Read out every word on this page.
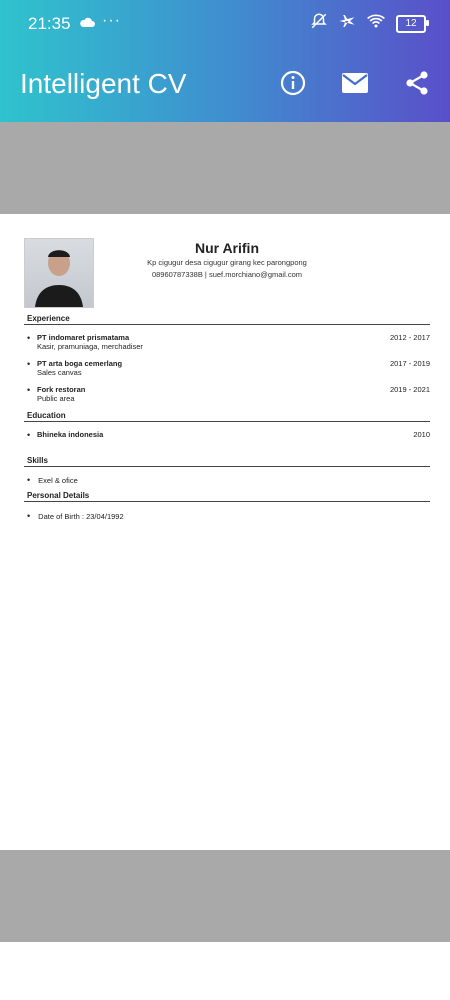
21:35 ···	12
Intelligent CV
Nur Arifin
Kp cigugur desa cigugur girang kec parongpong
08960787338B | suef.morchiano@gmail.com
Experience
• PT indomaret prismatama
Kasir, pramuniaga, merchadiser
2012 - 2017
• PT arta boga cemerlang
Sales canvas
2017 - 2019
• Fork restoran
Public area
2019 - 2021
Education
• Bhineka indonesia	2010
Skills
• Exel & ofice
Personal Details
• Date of Birth : 23/04/1992
